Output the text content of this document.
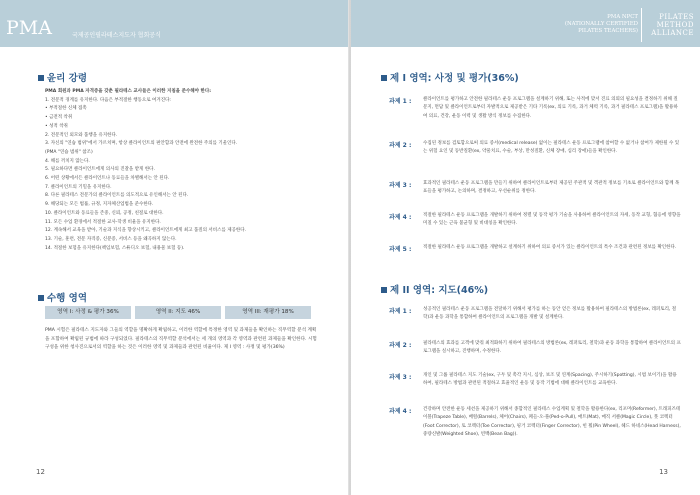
PMA	국제공인필라테스지도자 협회공식
윤리 강령
PMA 회원과 PMA 자격증을 갖춘 필라테스 교사들은 이러한 지침을 준수해야 한다:
1. 전문적 경계를 유지한다. 다음은 부적절한 행동으로 여겨진다:
• 부적절한 신체 접촉
• 금전적 착취
• 성적 착취
2. 전문적인 외모와 품행을 유지한다.
3. 자신의 "연습 범위"에서 가르치며, 항상 클라이언트의 편안함과 안전에 완전한 주의를 기울인다.
(PMA "연습 범위" 참조)
4. 해를 끼치지 않는다.
5. 필요하다면 클라이언트에게 의사의 진찰을 받게 한다.
6. 어떤 상황에서든 클라이언트나 동료들을 차별해서는 안 된다.
7. 클라이언트의 기밀을 유지한다.
8. 다른 필라테스 전문가의 클라이언트를 의도적으로 유인해서는 안 된다.
9. 해당되는 모든 법률, 규정, 지자체산업법을 준수한다.
10. 클라이언트와 동료들을 존중, 신뢰, 공정, 친절로 대한다.
11. 모든 수업 환경에서 적절한 교사-학생 비율을 유지한다.
12. 계속해서 교육을 받아, 기술과 지식을 향상시키고, 클라이언트에게 최고 품질의 서비스를 제공한다.
13. 기술, 훈련, 전문 자격증, 신분증, 서비스 등을 왜곡하지 않는다.
14. 적절한 보험을 유지한다(책임보험, 스튜디오 보험, 내용물 보험 등).
수행 영역
영역 I: 사정 & 평가 36%	영역 II: 지도 46%	영역 III: 재평가 18%
PMA 시험은 필라테스 지도자와 그들의 역할을 명확하게 확립하고, 이러한 역할에 특정한 영역 및 과제들을 확인하는 직무역할 분석 계획을 포함하여 확립된 규범에 따라 구성되었다. 필라테스의 직무역할 분석에서는 세 개의 영역과 각 영역과 관련된 과제들을 확인한다. 시험 구성을 위한 청사진으로서의 역할을 하는 것은 이러한 영역 및 과제들과 관련된 비율이다. 제 I 영역 : 사정 및 평가(36%)
12
PMA NPCT
(NATIONALLY CERTIFIED
PILATES TEACHERS)
PILATES
METHOD
ALLIANCE
제 I 영역: 사정 및 평가(36%)
과제 1 :	클라이언트를 평가하고 안전한 필라테스 운동 프로그램을 설계하기 위해, 또는 사적에 맞서 진료 의뢰의 필요성을 결정하기 위해 질문지, 면담 및 클라이언트로부터 자발적으로 제공받은 기타 기록(ex, 의료 기록, 과거 체력 기록, 과거 필라테스 프로그램)을 활용하여 의료, 건강, 운동 이력 및 생활 방식 정보를 수집한다.
과제 2 :	수집된 정보를 검토함으로써 의료 증서(medical release) 없이는 필라테스 운동 프로그램에 참여할 수 없거나 참여가 제한될 수 있는 위험 요인 및 동반질환(ex, 약물치료, 수술, 부상, 만성질환, 신체 장애, 심리 장애)들을 확인한다.
과제 3 :	효과적인 필라테스 운동 프로그램을 만들기 위하여 클라이언트로부터 제공된 주관적 및 객관적 정보를 기초로 클라이언트와 함께 목표들을 평가하고, 논의하며, 결정하고, 우선순위를 정한다.
과제 4 :	적절한 필라테스 운동 프로그램을 개발하기 위하여 정렬 및 동작 평가 기술을 사용하여 클라이언트의 자세, 동작 교형, 협응에 영향을 미칠 수 있는 근육 불균형 및 비대칭을 확인한다.
과제 5 :	적절한 필라테스 운동 프로그램을 개발하고 설계하기 위하여 의료 증서가 있는 클라이언트의 특수 조건과 관련된 정보를 확인한다.
제 II 영역: 지도(46%)
과제 1 :	성공적인 필라테스 운동 프로그램을 전달하기 위해서 평가를 하는 동안 얻은 정보를 활용하여 필라테스의 방법론(ex, 레퍼토리, 철학)과 운동 과학을 통합하여 클라이언트의 프로그램을 개발 및 설계한다.
과제 2 :	필라테스의 효과를 고객에 맞춰 최적화하기 위하여 필라테스의 방법론(ex, 레퍼토리, 철학)과 운동 과학을 통합하여 클라이언트의 프로그램을 실시하고, 진행하며, 수정한다.
과제 3 :	개인 및 그룹 필라테스 지도 기술(ex, 구두 및 촉각 지시, 심상, 보조 및 연계(Spacing), 주시하기(Spotting), 시범 보이기)을 활용하여, 필라테스 방법과 관련된 적절하고 효율적인 운동 및 동작 기법에 대해 클라이언트를 교육한다.
과제 4 :	건강하며 안전한 운동 세션을 제공하기 위해서 종합적인 필라테스 수업계획 및 철학을 활용한다(ex, 리포머(Reformer), 트래피즈테이블(Trapeze Table), 배럴(Barrels), 체어(Chairs), 페들-오-풀(Ped-o-Pull), 매트(Mat), 매직 서클(Magic Circle), 풋 코렉터(Foot Corrector), 토 코렉터(Toe Corrector), 핑거 코렉터(Finger Corrector), 힌 휠(Pin Wheel), 헤드 하네스(Head Harness), 중량신발(Weighted Shoe), 빈백(Bean Bag)).
13
